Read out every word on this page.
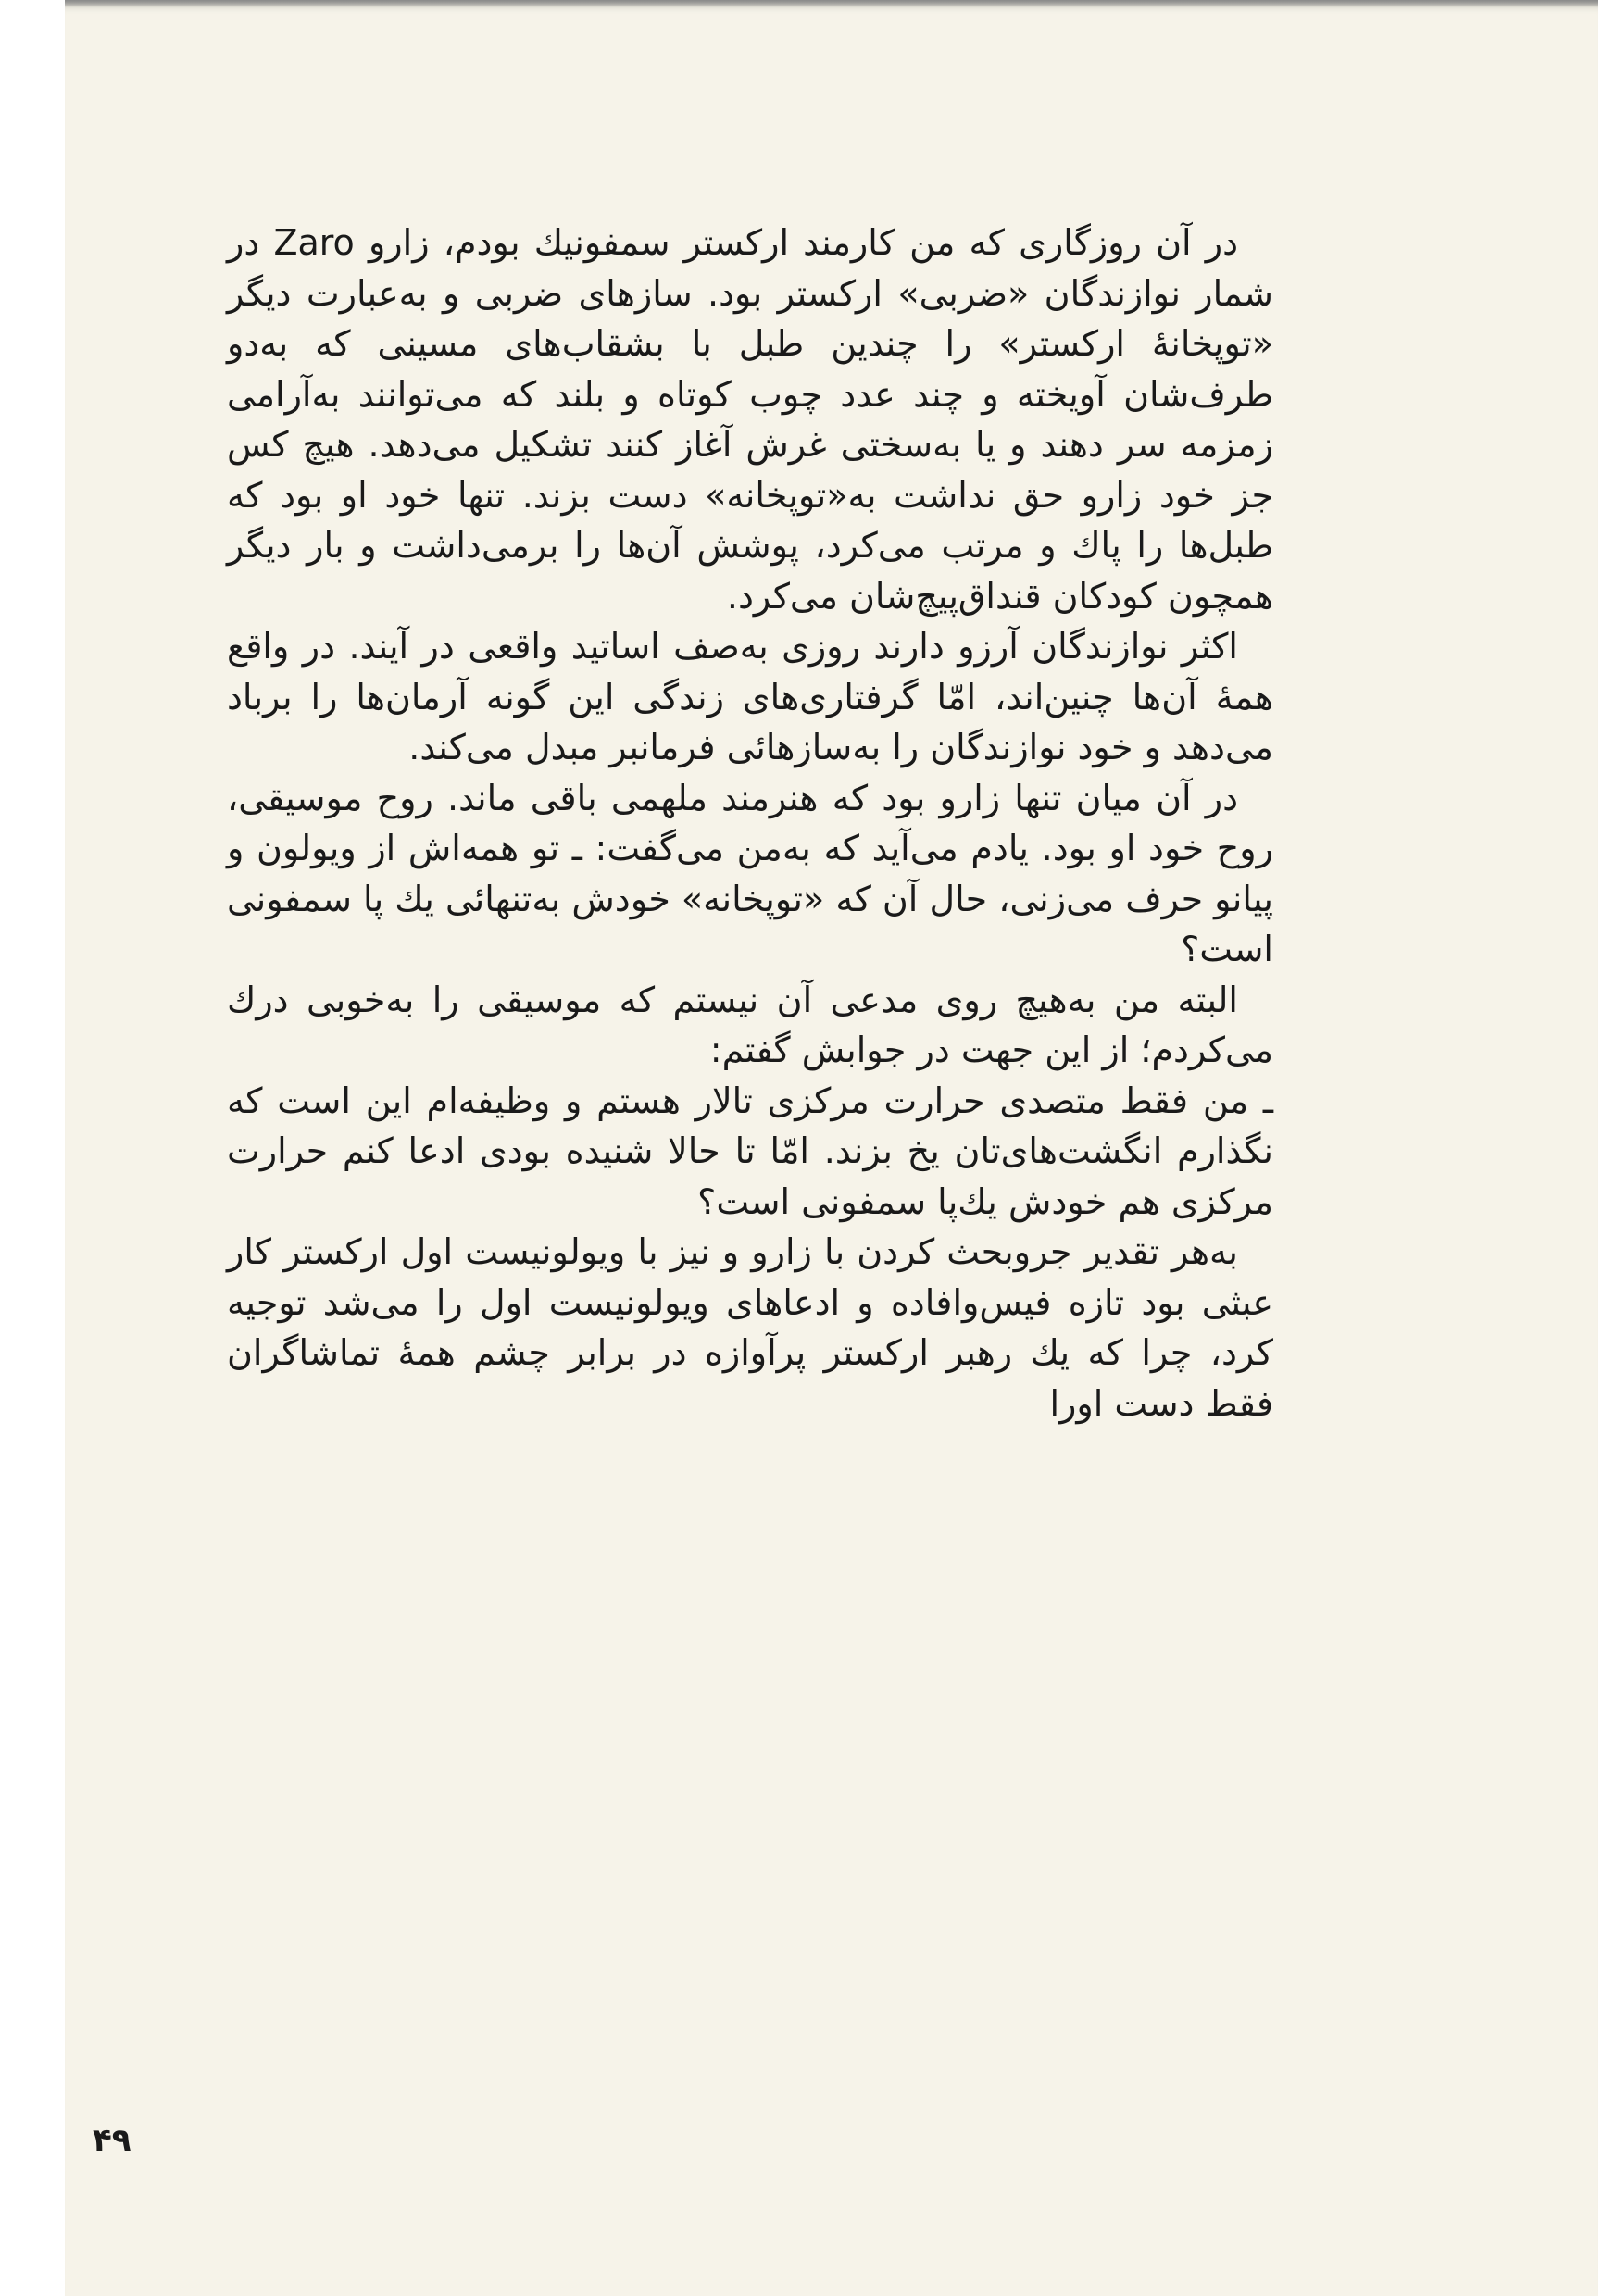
در آن روزگاری که من کارمند ارکستر سمفونیك بودم، زارو Zaro در شمار نوازندگان «ضربی» ارکستر بود. سازهای ضربی و به‌عبارت دیگر «توپخانهٔ ارکستر» را چندین طبل با بشقاب‌های مسینی که به‌دو طرف‌شان آویخته و چند عدد چوب کوتاه و بلند که می‌توانند به‌آرامی زمزمه سر دهند و یا به‌سختی غرش آغاز کنند تشکیل می‌دهد. هیچ کس جز خود زارو حق نداشت به«توپخانه» دست بزند. تنها خود او بود که طبل‌ها را پاك و مرتب می‌کرد، پوشش آن‌ها را برمی‌داشت و بار دیگر همچون کودکان قنداق‌پیچ‌شان می‌کرد.

اکثر نوازندگان آرزو دارند روزی به‌صف اساتید واقعی در آیند. در واقع همهٔ آن‌ها چنین‌اند، امّا گرفتاری‌های زندگی این گونه آرمان‌ها را برباد می‌دهد و خود نوازندگان را به‌سازهائی فرمانبر مبدل می‌کند.

در آن میان تنها زارو بود که هنرمند ملهمی باقی ماند. روح موسیقی، روح خود او بود. یادم می‌آید که به‌من می‌گفت: ـ تو همه‌اش از ویولون و پیانو حرف می‌زنی، حال آن که «توپخانه» خودش به‌تنهائی یك پا سمفونی است؟

البته من به‌هیچ روی مدعی آن نیستم که موسیقی را به‌خوبی درك می‌کردم؛ از این جهت در جوابش گفتم:

ـ من فقط متصدی حرارت مرکزی تالار هستم و وظیفه‌ام این است که نگذارم انگشت‌های‌تان یخ بزند. امّا تا حالا شنیده بودی ادعا کنم حرارت مرکزی هم خودش یك‌پا سمفونی است؟

به‌هر تقدیر جروبحث کردن با زارو و نیز با ویولونیست اول ارکستر کار عبثی بود تازه فیس‌وافاده و ادعاهای ویولونیست اول را می‌شد توجیه کرد، چرا که یك رهبر ارکستر پرآوازه در برابر چشم همهٔ تماشاگران فقط دست اورا

۴۹
